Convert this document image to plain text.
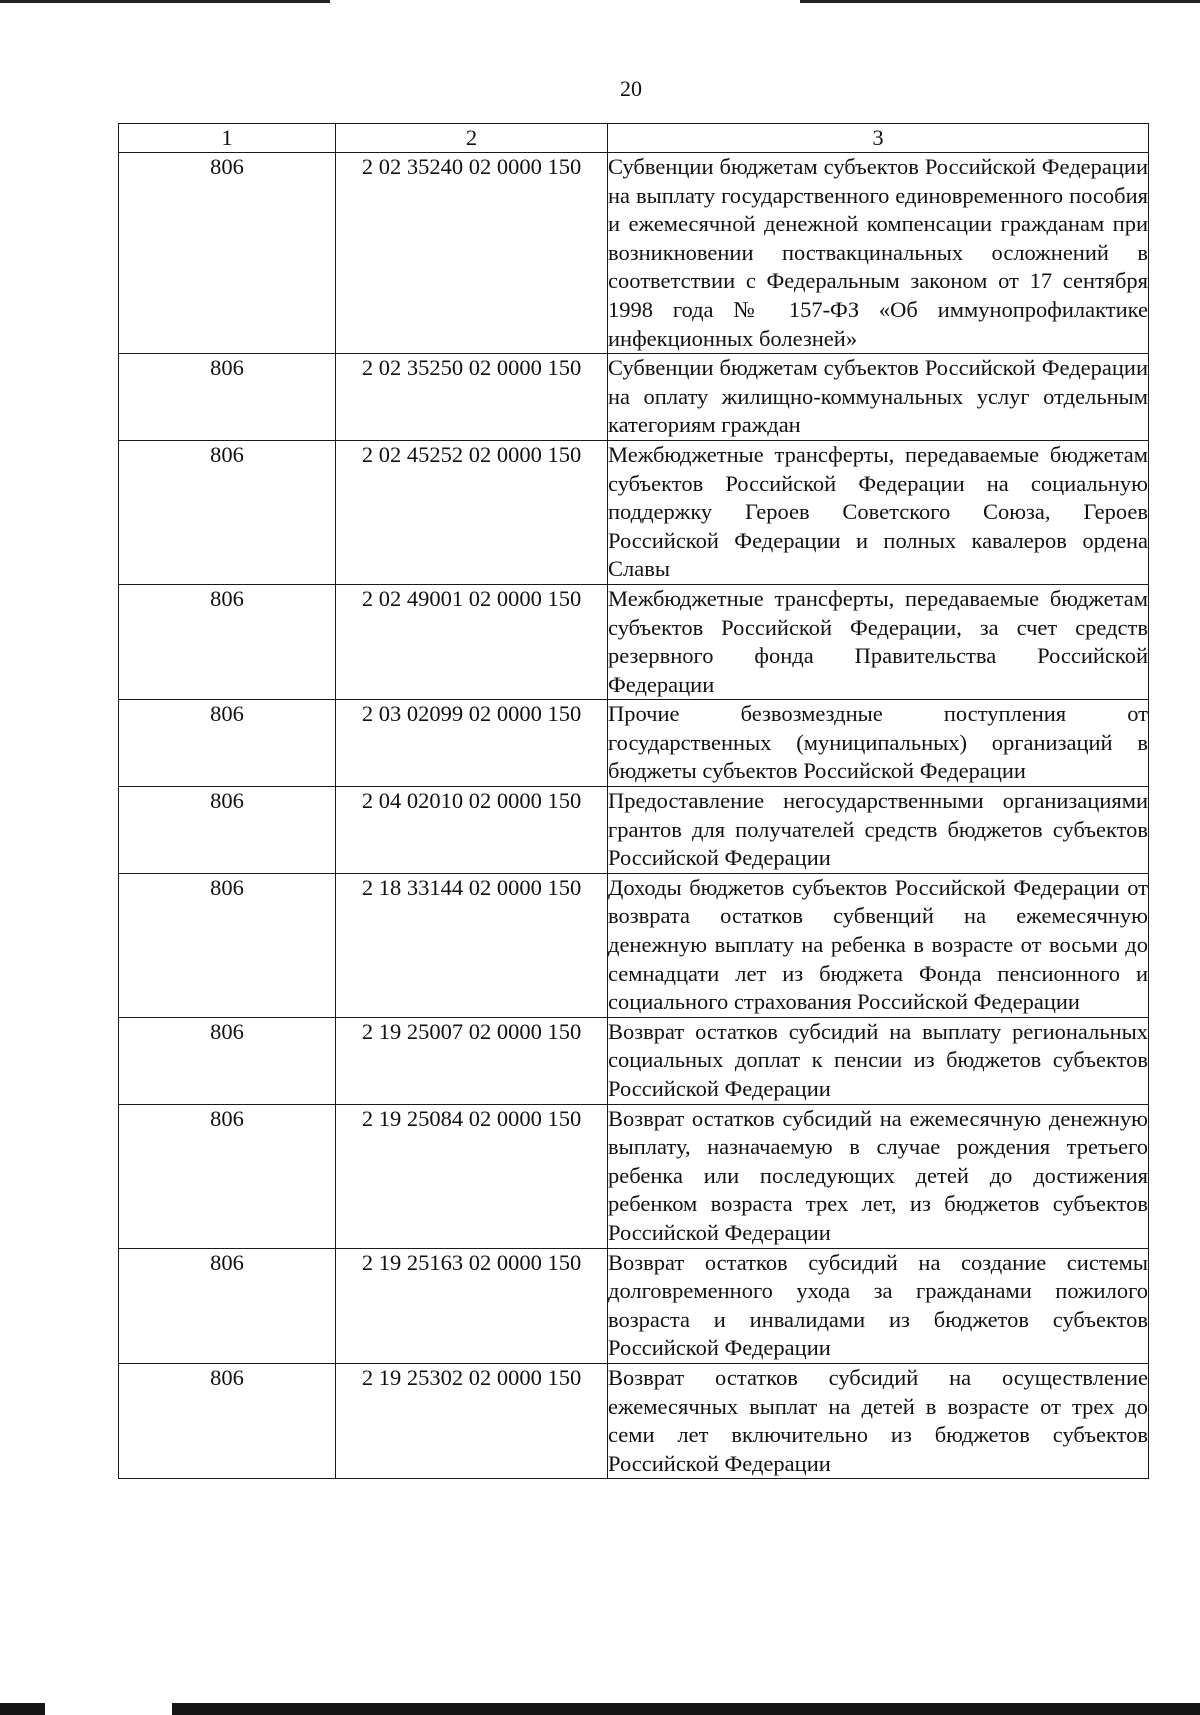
20
1	2	3
806	2 02 35240 02 0000 150	Субвенции бюджетам субъектов Российской Федерации на выплату государственного единовременного пособия и ежемесячной денежной компенсации гражданам при возникновении поствакцинальных осложнений в соответствии с Федеральным законом от 17 сентября 1998 года № 157-ФЗ «Об иммунопрофилактике инфекционных болезней»
806	2 02 35250 02 0000 150	Субвенции бюджетам субъектов Российской Федерации на оплату жилищно-коммунальных услуг отдельным категориям граждан
806	2 02 45252 02 0000 150	Межбюджетные трансферты, передаваемые бюджетам субъектов Российской Федерации на социальную поддержку Героев Советского Союза, Героев Российской Федерации и полных кавалеров ордена Славы
806	2 02 49001 02 0000 150	Межбюджетные трансферты, передаваемые бюджетам субъектов Российской Федерации, за счет средств резервного фонда Правительства Российской Федерации
806	2 03 02099 02 0000 150	Прочие безвозмездные поступления от государственных (муниципальных) организаций в бюджеты субъектов Российской Федерации
806	2 04 02010 02 0000 150	Предоставление негосударственными организациями грантов для получателей средств бюджетов субъектов Российской Федерации
806	2 18 33144 02 0000 150	Доходы бюджетов субъектов Российской Федерации от возврата остатков субвенций на ежемесячную денежную выплату на ребенка в возрасте от восьми до семнадцати лет из бюджета Фонда пенсионного и социального страхования Российской Федерации
806	2 19 25007 02 0000 150	Возврат остатков субсидий на выплату региональных социальных доплат к пенсии из бюджетов субъектов Российской Федерации
806	2 19 25084 02 0000 150	Возврат остатков субсидий на ежемесячную денежную выплату, назначаемую в случае рождения третьего ребенка или последующих детей до достижения ребенком возраста трех лет, из бюджетов субъектов Российской Федерации
806	2 19 25163 02 0000 150	Возврат остатков субсидий на создание системы долговременного ухода за гражданами пожилого возраста и инвалидами из бюджетов субъектов Российской Федерации
806	2 19 25302 02 0000 150	Возврат остатков субсидий на осуществление ежемесячных выплат на детей в возрасте от трех до семи лет включительно из бюджетов субъектов Российской Федерации
